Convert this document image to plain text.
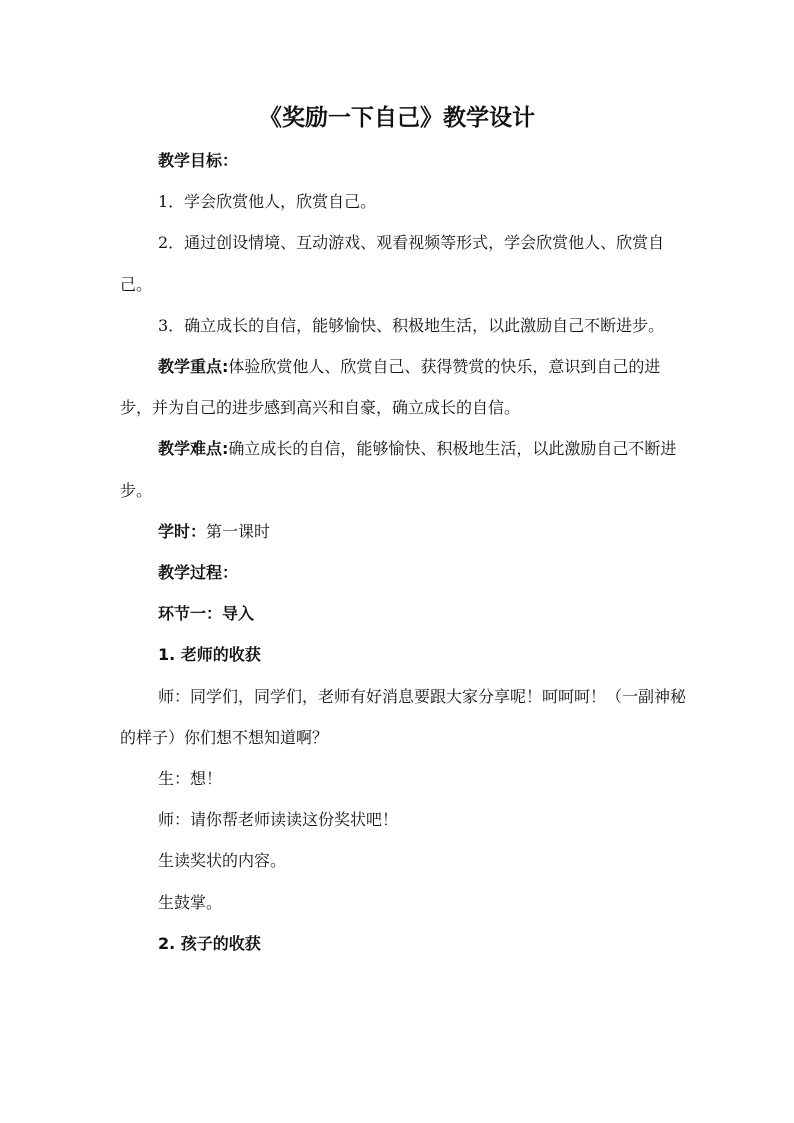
《奖励一下自己》教学设计

教学目标：

1．学会欣赏他人，欣赏自己。

2．通过创设情境、互动游戏、观看视频等形式，学会欣赏他人、欣赏自己。

3．确立成长的自信，能够愉快、积极地生活，以此激励自己不断进步。

教学重点:体验欣赏他人、欣赏自己、获得赞赏的快乐，意识到自己的进步，并为自己的进步感到高兴和自豪，确立成长的自信。

教学难点:确立成长的自信，能够愉快、积极地生活，以此激励自己不断进步。

学时：第一课时

教学过程：

环节一：导入

1. 老师的收获

师：同学们，同学们，老师有好消息要跟大家分享呢！呵呵呵！（一副神秘的样子）你们想不想知道啊？

生：想！

师：请你帮老师读读这份奖状吧！

生读奖状的内容。

生鼓掌。

2. 孩子的收获
